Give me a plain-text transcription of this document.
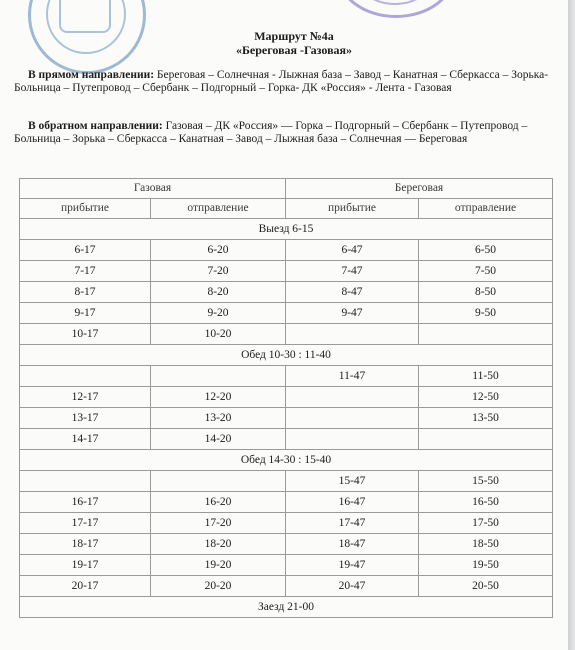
Маршрут №4а
«Береговая -Газовая»
В прямом направлении: Береговая – Солнечная - Лыжная база – Завод – Канатная – Сберкасса – Зорька- Больница – Путепровод – Сбербанк – Подгорный – Горка- ДК «Россия» - Лента - Газовая
В обратном направлении: Газовая – ДК «Россия» — Горка – Подгорный – Сбербанк – Путепровод – Больница – Зорька – Сберкасса – Канатная – Завод – Лыжная база – Солнечная — Береговая
Газовая		Береговая	
прибытие	отправление	прибытие	отправление
Выезд 6-15			
6-17	6-20	6-47	6-50
7-17	7-20	7-47	7-50
8-17	8-20	8-47	8-50
9-17	9-20	9-47	9-50
10-17	10-20		
Обед 10-30 : 11-40			
		11-47	11-50
12-17	12-20		12-50
13-17	13-20		13-50
14-17	14-20		
Обед 14-30 : 15-40			
		15-47	15-50
16-17	16-20	16-47	16-50
17-17	17-20	17-47	17-50
18-17	18-20	18-47	18-50
19-17	19-20	19-47	19-50
20-17	20-20	20-47	20-50
Заезд 21-00			
